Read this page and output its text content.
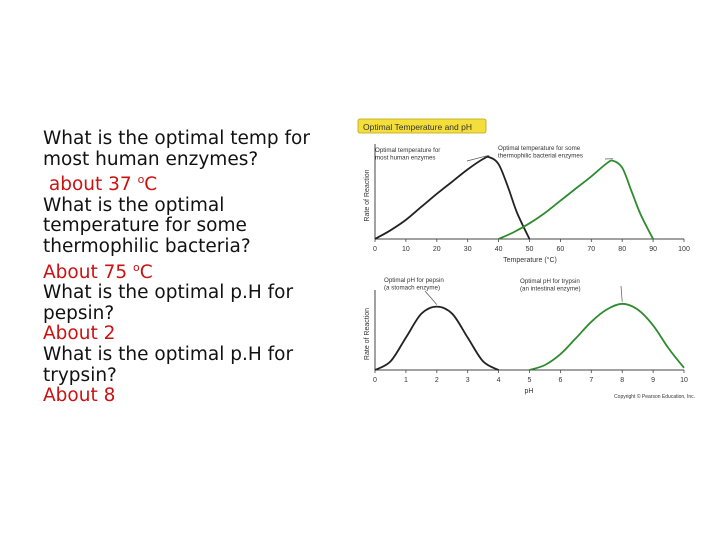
What is the optimal temp for
most human enzymes?
about 37 $^o$C
What is the optimal
temperature for some
thermophilic bacteria?
About 75 $^o$C
What is the optimal p.H for
pepsin?
About 2
What is the optimal p.H for
trypsin?
About 8
Optimal Temperature and pH
0	10	20	30	40	50	60	70	80	90	100
Rate of Reaction
Temperature (°C)
Optimal temperature for
most human enzymes
Optimal temperature for some
thermophilic bacterial enzymes
0	1	2	3	4	5	6	7	8	9	10
Rate of Reaction
pH
Optimal pH for pepsin
(a stomach enzyme)
Optimal pH for trypsin
(an intestinal enzyme)
Copyright © Pearson Education, Inc.
